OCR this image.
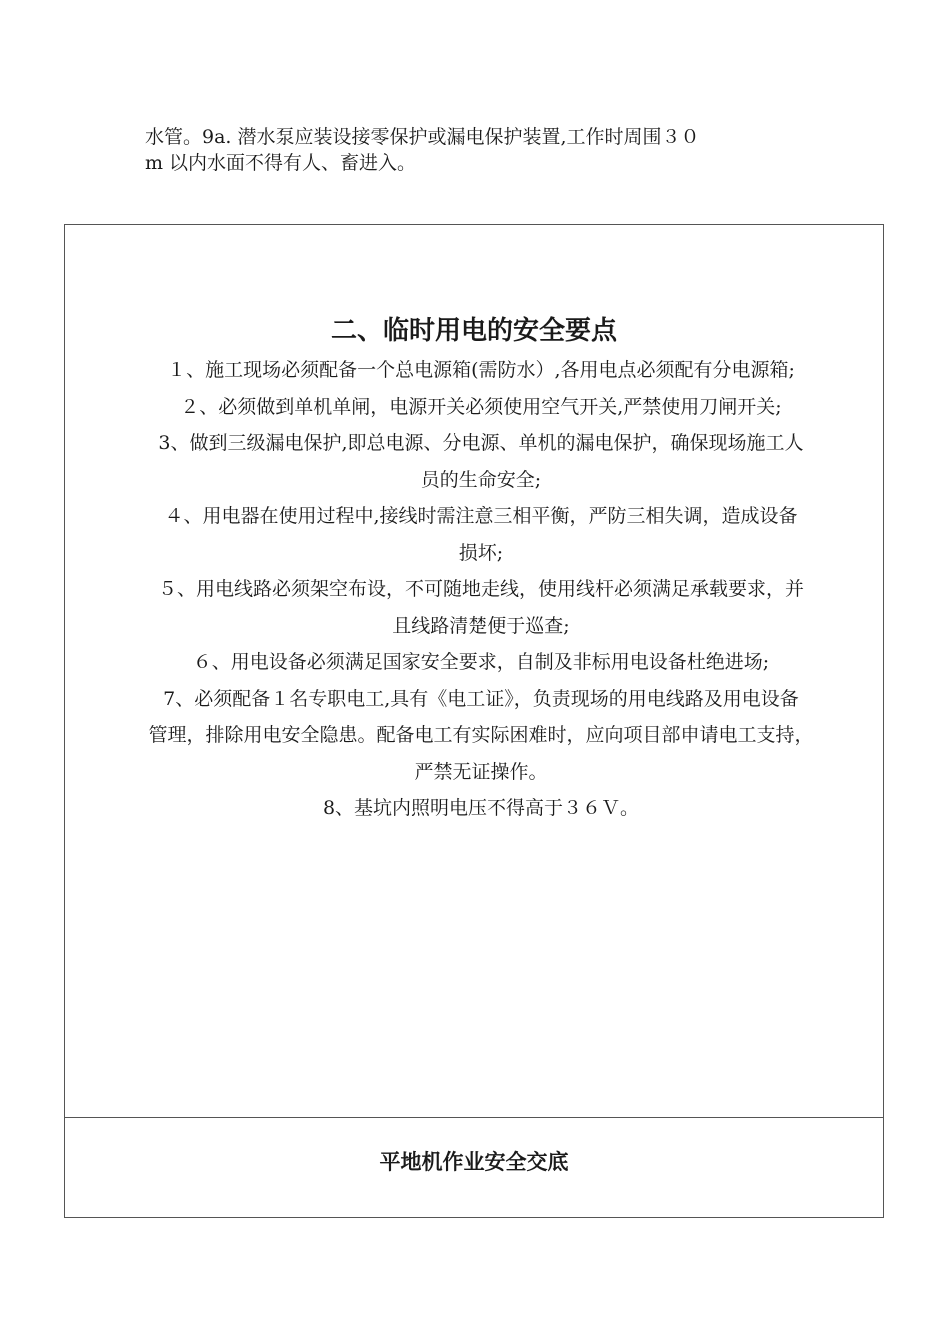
水管。9a. 潜水泵应装设接零保护或漏电保护装置,工作时周围３０
m 以内水面不得有人、畜进入。
二、临时用电的安全要点
１、施工现场必须配备一个总电源箱(需防水）,各用电点必须配有分电源箱;
２、必须做到单机单闸，电源开关必须使用空气开关,严禁使用刀闸开关;
3、做到三级漏电保护,即总电源、分电源、单机的漏电保护，确保现场施工人
员的生命安全;
４、用电器在使用过程中,接线时需注意三相平衡，严防三相失调，造成设备
损坏;
５、用电线路必须架空布设，不可随地走线，使用线杆必须满足承载要求，并
且线路清楚便于巡查;
６、用电设备必须满足国家安全要求，自制及非标用电设备杜绝进场;
7、必须配备１名专职电工,具有《电工证》，负责现场的用电线路及用电设备
管理，排除用电安全隐患。配备电工有实际困难时，应向项目部申请电工支持，
严禁无证操作。
8、基坑内照明电压不得高于３６Ｖ。
平地机作业安全交底
